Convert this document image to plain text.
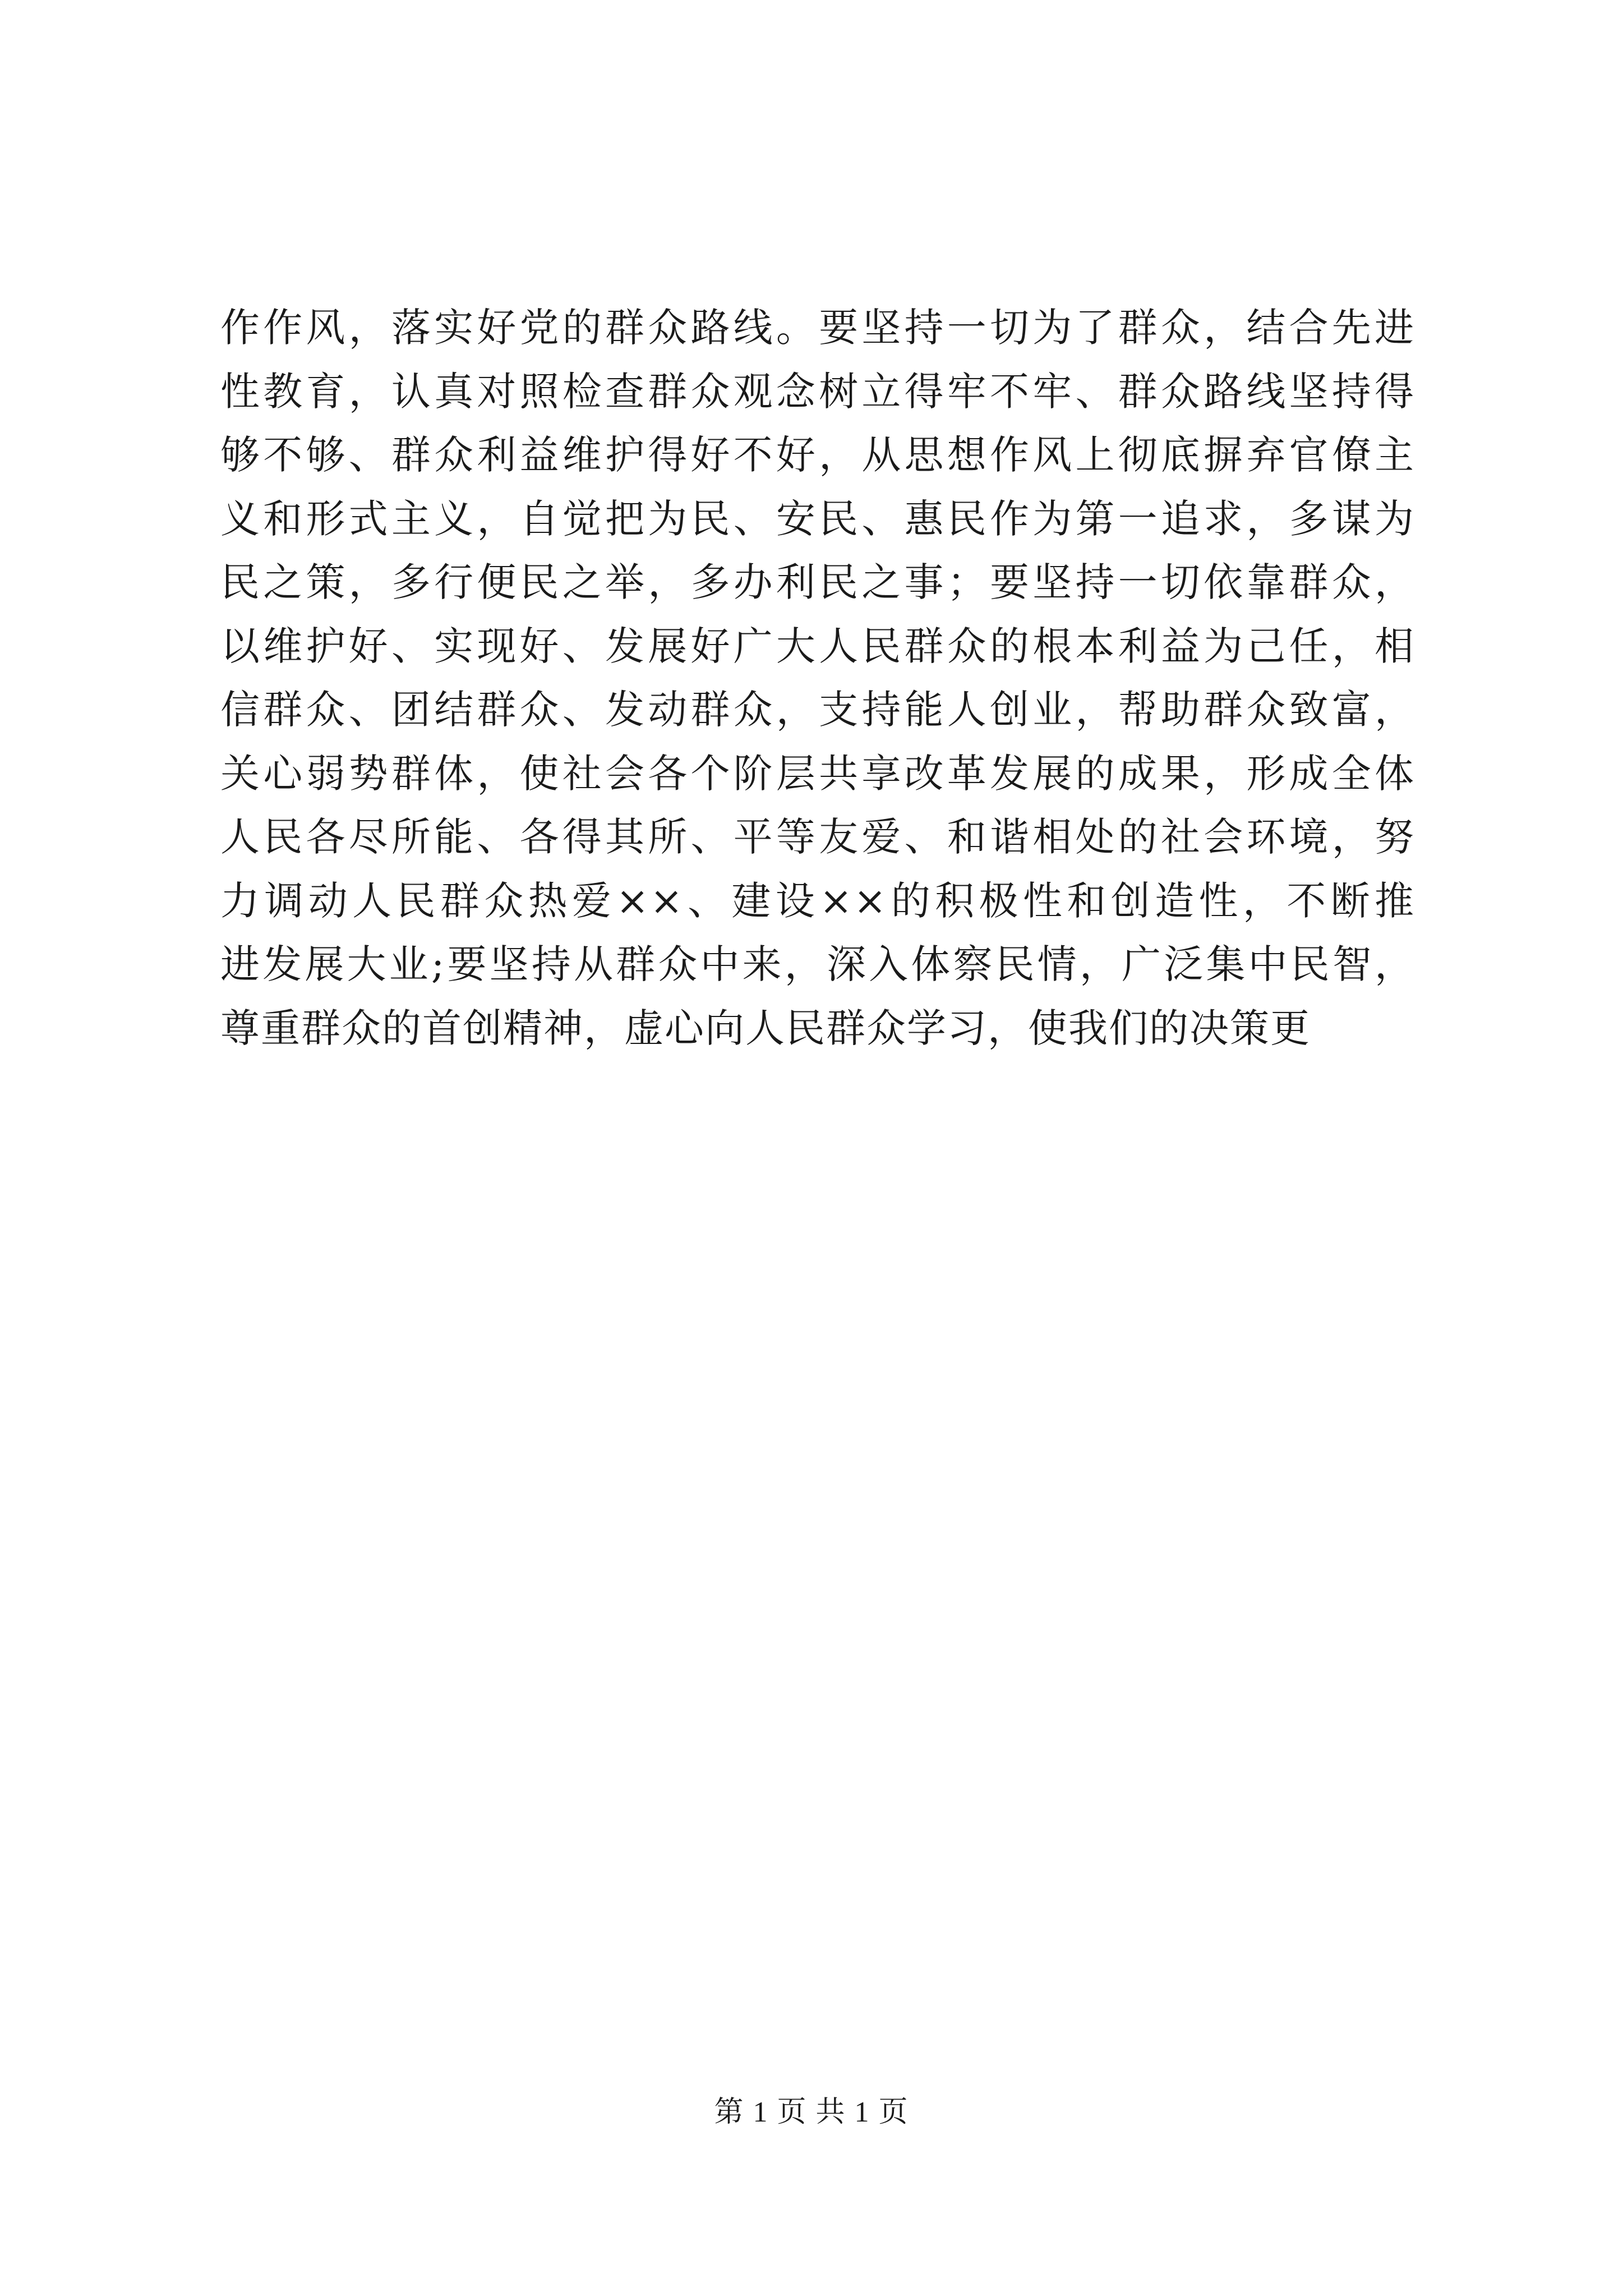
作作风，落实好党的群众路线。要坚持一切为了群众，结合先进
性教育，认真对照检查群众观念树立得牢不牢、群众路线坚持得
够不够、群众利益维护得好不好，从思想作风上彻底摒弃官僚主
义和形式主义，自觉把为民、安民、惠民作为第一追求，多谋为
民之策，多行便民之举，多办利民之事；要坚持一切依靠群众，
以维护好、实现好、发展好广大人民群众的根本利益为己任，相
信群众、团结群众、发动群众，支持能人创业，帮助群众致富，
关心弱势群体，使社会各个阶层共享改革发展的成果，形成全体
人民各尽所能、各得其所、平等友爱、和谐相处的社会环境，努
力调动人民群众热爱××、建设××的积极性和创造性，不断推
进发展大业;要坚持从群众中来，深入体察民情，广泛集中民智，
尊重群众的首创精神，虚心向人民群众学习，使我们的决策更
第 1 页 共 1 页
